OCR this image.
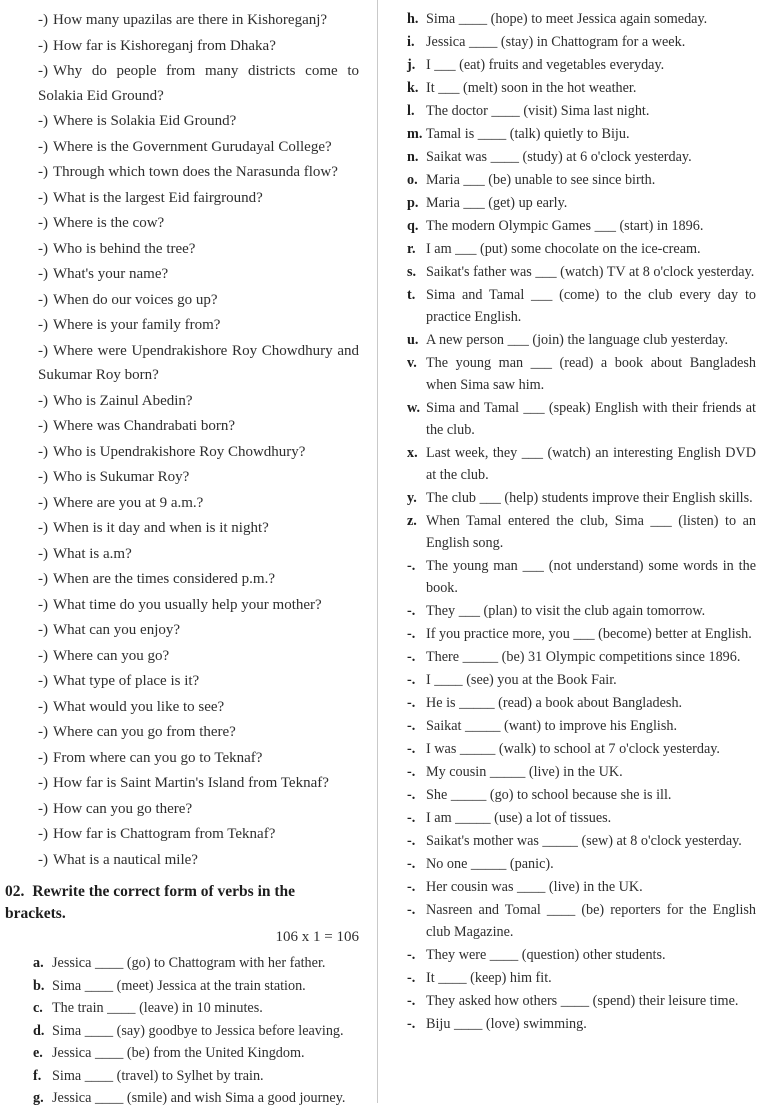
-) How many upazilas are there in Kishoreganj?

-) How far is Kishoreganj from Dhaka?

-) Why do people from many districts come to Solakia Eid Ground?

-) Where is Solakia Eid Ground?

-) Where is the Government Gurudayal College?

-) Through which town does the Narasunda flow?

-) What is the largest Eid fairground?

-) Where is the cow?

-) Who is behind the tree?

-) What's your name?

-) When do our voices go up?

-) Where is your family from?

-) Where were Upendrakishore Roy Chowdhury and Sukumar Roy born?

-) Who is Zainul Abedin?

-) Where was Chandrabati born?

-) Who is Upendrakishore Roy Chowdhury?

-) Who is Sukumar Roy?

-) Where are you at 9 a.m.?

-) When is it day and when is it night?

-) What is a.m?

-) When are the times considered p.m.?

-) What time do you usually help your mother?

-) What can you enjoy?

-) Where can you go?

-) What type of place is it?

-) What would you like to see?

-) Where can you go from there?

-) From where can you go to Teknaf?

-) How far is Saint Martin's Island from Teknaf?

-) How can you go there?

-) How far is Chattogram from Teknaf?

-) What is a nautical mile?

02. Rewrite the correct form of verbs in the brackets.
106 x 1 = 106
a. Jessica ____ (go) to Chattogram with her father.
b. Sima ____ (meet) Jessica at the train station.
c. The train ____ (leave) in 10 minutes.
d. Sima ____ (say) goodbye to Jessica before leaving.
e. Jessica ____ (be) from the United Kingdom.
f. Sima ____ (travel) to Sylhet by train.
g. Jessica ____ (smile) and wish Sima a good journey.
h. Sima ____ (hope) to meet Jessica again someday.
i. Jessica ____ (stay) in Chattogram for a week.
j. I ___ (eat) fruits and vegetables everyday.
k. It ___ (melt) soon in the hot weather.
l. The doctor ____ (visit) Sima last night.
m. Tamal is ____ (talk) quietly to Biju.
n. Saikat was ____ (study) at 6 o'clock yesterday.
o. Maria ___ (be) unable to see since birth.
p. Maria ___ (get) up early.
q. The modern Olympic Games ___ (start) in 1896.
r. I am ___ (put) some chocolate on the ice-cream.
s. Saikat's father was ___ (watch) TV at 8 o'clock yesterday.
t. Sima and Tamal ___ (come) to the club every day to practice English.
u. A new person ___ (join) the language club yesterday.
v. The young man ___ (read) a book about Bangladesh when Sima saw him.
w. Sima and Tamal ___ (speak) English with their friends at the club.
x. Last week, they ___ (watch) an interesting English DVD at the club.
y. The club ___ (help) students improve their English skills.
z. When Tamal entered the club, Sima ___ (listen) to an English song.
-. The young man ___ (not understand) some words in the book.
-. They ___ (plan) to visit the club again tomorrow.
-. If you practice more, you ___ (become) better at English.
-. There _____ (be) 31 Olympic competitions since 1896.
-. I ____ (see) you at the Book Fair.
-. He is _____ (read) a book about Bangladesh.
-. Saikat _____ (want) to improve his English.
-. I was _____ (walk) to school at 7 o'clock yesterday.
-. My cousin _____ (live) in the UK.
-. She _____ (go) to school because she is ill.
-. I am _____ (use) a lot of tissues.
-. Saikat's mother was _____ (sew) at 8 o'clock yesterday.
-. No one _____ (panic).
-. Her cousin was ____ (live) in the UK.
-. Nasreen and Tomal ____ (be) reporters for the English club Magazine.
-. They were ____ (question) other students.
-. It ____ (keep) him fit.
-. They asked how others ____ (spend) their leisure time.
-. Biju ____ (love) swimming.
